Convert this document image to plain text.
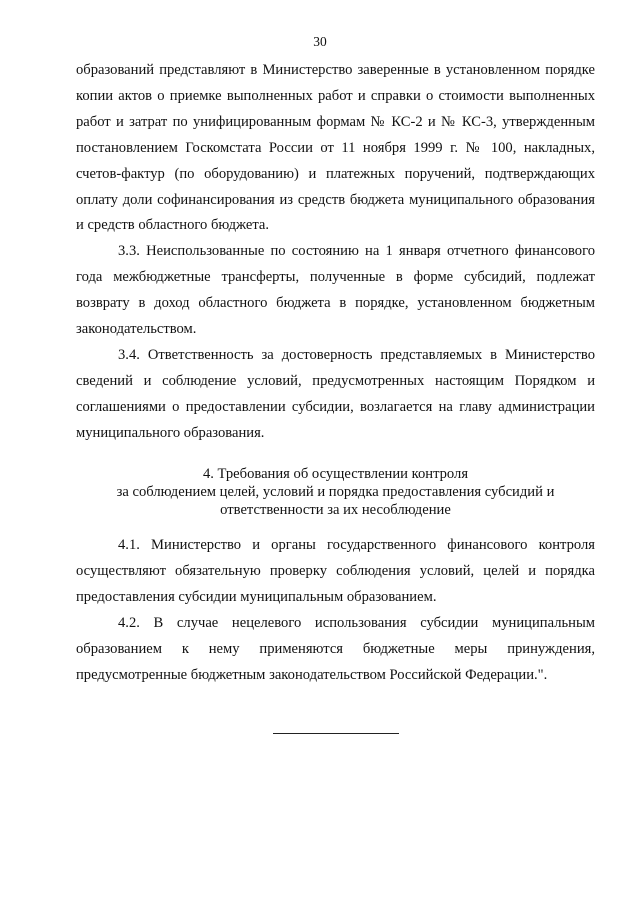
30

образований представляют в Министерство заверенные в установленном порядке копии актов о приемке выполненных работ и справки о стоимости выполненных работ и затрат по унифицированным формам № КС-2 и № КС-3, утвержденным постановлением Госкомстата России от 11 ноября 1999 г. № 100, накладных, счетов-фактур (по оборудованию) и платежных поручений, подтверждающих оплату доли софинансирования из средств бюджета муниципального образования и средств областного бюджета.

3.3. Неиспользованные по состоянию на 1 января отчетного финансового года межбюджетные трансферты, полученные в форме субсидий, подлежат возврату в доход областного бюджета в порядке, установленном бюджетным законодательством.

3.4. Ответственность за достоверность представляемых в Министерство сведений и соблюдение условий, предусмотренных настоящим Порядком и соглашениями о предоставлении субсидии, возлагается на главу администрации муниципального образования.

4. Требования об осуществлении контроля
за соблюдением целей, условий и порядка предоставления субсидий и
ответственности за их несоблюдение

4.1. Министерство и органы государственного финансового контроля осуществляют обязательную проверку соблюдения условий, целей и порядка предоставления субсидии муниципальным образованием.

4.2. В случае нецелевого использования субсидии муниципальным образованием к нему применяются бюджетные меры принуждения, предусмотренные бюджетным законодательством Российской Федерации.".
